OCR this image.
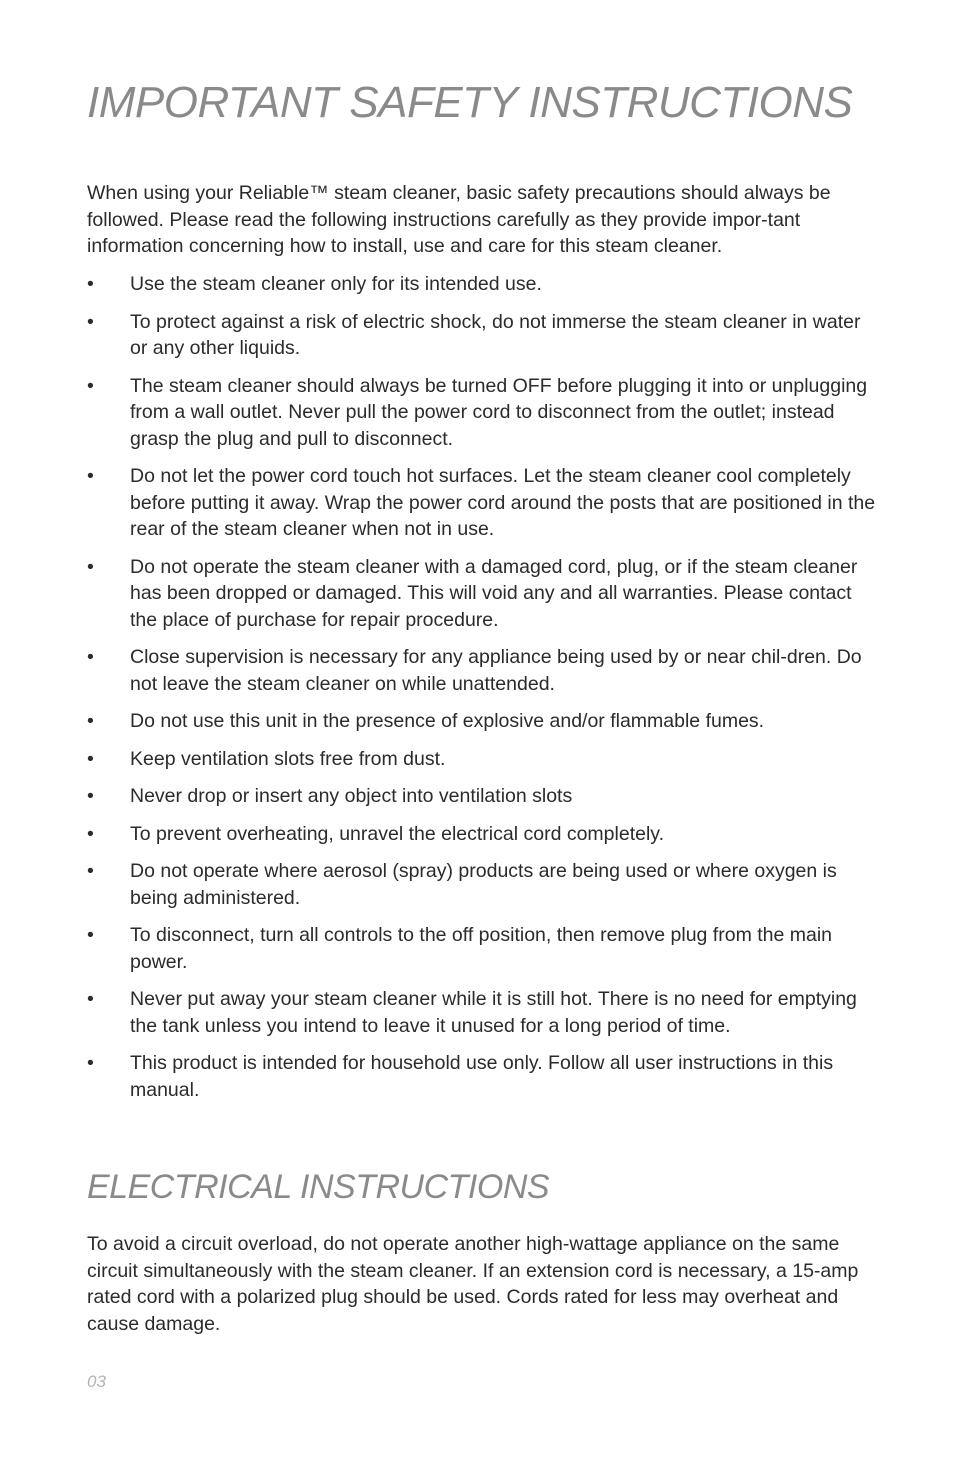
IMPORTANT SAFETY INSTRUCTIONS

When using your Reliable™ steam cleaner, basic safety precautions should always be followed. Please read the following instructions carefully as they provide impor-tant information concerning how to install, use and care for this steam cleaner.

•	Use the steam cleaner only for its intended use.
•	To protect against a risk of electric shock, do not immerse the steam cleaner in water or any other liquids.
•	The steam cleaner should always be turned OFF before plugging it into or unplugging from a wall outlet. Never pull the power cord to disconnect from the outlet; instead grasp the plug and pull to disconnect.
•	Do not let the power cord touch hot surfaces. Let the steam cleaner cool completely before putting it away. Wrap the power cord around the posts that are positioned in the rear of the steam cleaner when not in use.
•	Do not operate the steam cleaner with a damaged cord, plug, or if the steam cleaner has been dropped or damaged. This will void any and all warranties. Please contact the place of purchase for repair procedure.
•	Close supervision is necessary for any appliance being used by or near chil-dren. Do not leave the steam cleaner on while unattended.
•	Do not use this unit in the presence of explosive and/or flammable fumes.
•	Keep ventilation slots free from dust.
•	Never drop or insert any object into ventilation slots
•	To prevent overheating, unravel the electrical cord completely.
•	Do not operate where aerosol (spray) products are being used or where oxygen is being administered.
•	To disconnect, turn all controls to the off position, then remove plug from the main power.
•	Never put away your steam cleaner while it is still hot. There is no need for emptying the tank unless you intend to leave it unused for a long period of time.
•	This product is intended for household use only. Follow all user instructions in this manual.
ELECTRICAL INSTRUCTIONS

To avoid a circuit overload, do not operate another high-wattage appliance on the same circuit simultaneously with the steam cleaner. If an extension cord is necessary, a 15-amp rated cord with a polarized plug should be used. Cords rated for less may overheat and cause damage.

03
